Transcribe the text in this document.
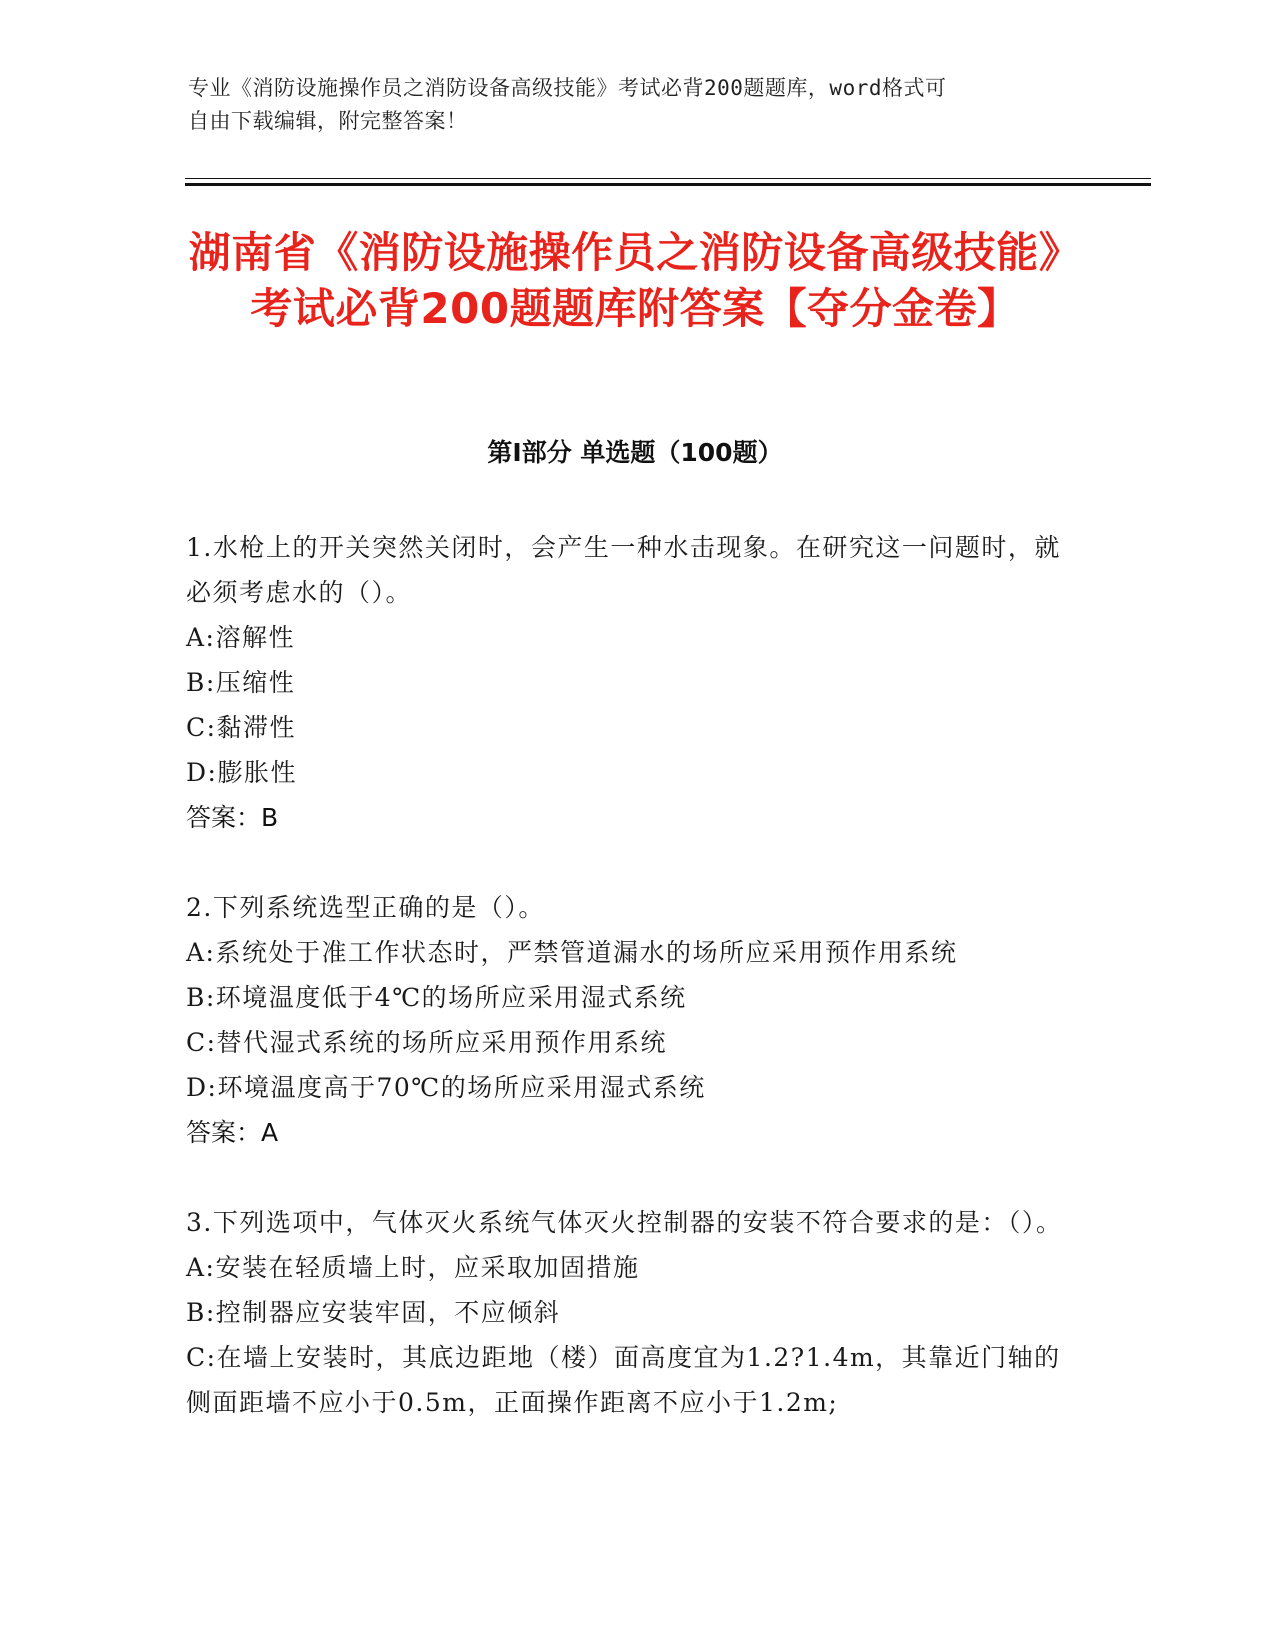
专业《消防设施操作员之消防设备高级技能》考试必背200题题库，word格式可
自由下载编辑，附完整答案！
湖南省《消防设施操作员之消防设备高级技能》考试必背200题题库附答案【夺分金卷】
第Ⅰ部分 单选题（100题）
1.水枪上的开关突然关闭时，会产生一种水击现象。在研究这一问题时，就必须考虑水的（）。
A:溶解性
B:压缩性
C:黏滞性
D:膨胀性
答案：B
2.下列系统选型正确的是（）。
A:系统处于准工作状态时，严禁管道漏水的场所应采用预作用系统
B:环境温度低于4℃的场所应采用湿式系统
C:替代湿式系统的场所应采用预作用系统
D:环境温度高于70℃的场所应采用湿式系统
答案：A
3.下列选项中，气体灭火系统气体灭火控制器的安装不符合要求的是：（）。
A:安装在轻质墙上时，应采取加固措施
B:控制器应安装牢固，不应倾斜
C:在墙上安装时，其底边距地（楼）面高度宜为1.2?1.4m，其靠近门轴的侧面距墙不应小于0.5m，正面操作距离不应小于1.2m;
